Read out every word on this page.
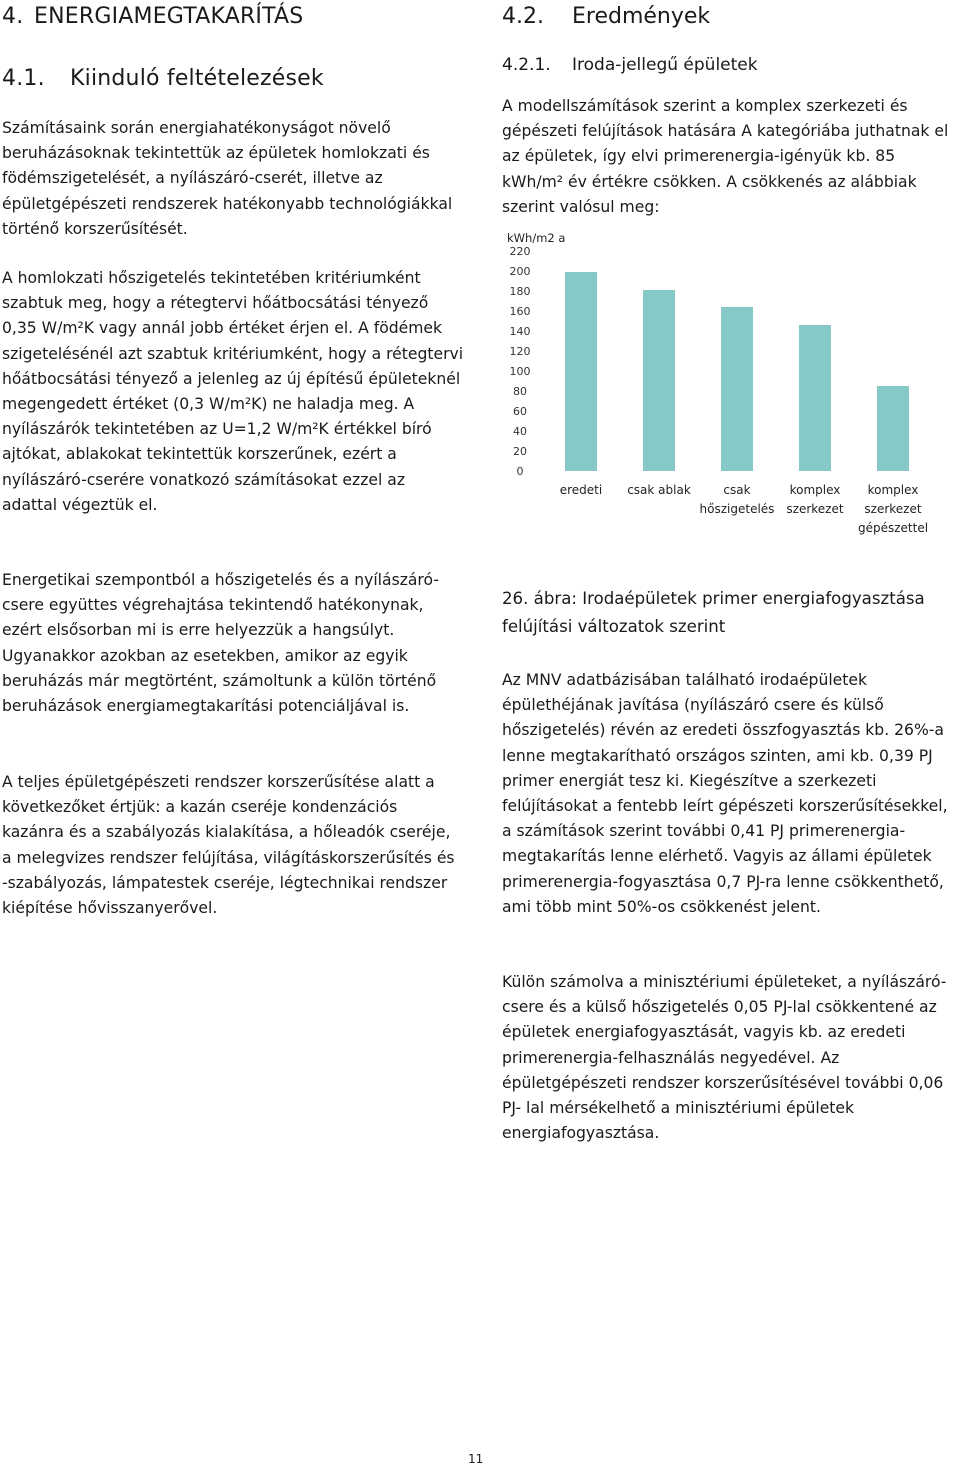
4. ENERGIAMEGTAKARÍTÁS
4.1. Kiinduló feltételezések

Számításaink során energiahatékonyságot növelő beruházásoknak tekintettük az épületek homlokzati és födémszigetelését, a nyílászáró-cserét, illetve az épületgépészeti rendszerek hatékonyabb technológiákkal történő korszerűsítését.

A homlokzati hőszigetelés tekintetében kritériumként szabtuk meg, hogy a rétegtervi hőátbocsátási tényező 0,35 W/m²K vagy annál jobb értéket érjen el. A födémek szigetelésénél azt szabtuk kritériumként, hogy a rétegtervi hőátbocsátási tényező a jelenleg az új építésű épületeknél megengedett értéket (0,3 W/m²K) ne haladja meg. A nyílászárók tekintetében az U=1,2 W/m²K értékkel bíró ajtókat, ablakokat tekintettük korszerűnek, ezért a nyílászáró-cserére vonatkozó számításokat ezzel az adattal végeztük el.

Energetikai szempontból a hőszigetelés és a nyílászáró-csere együttes végrehajtása tekintendő hatékonynak, ezért elsősorban mi is erre helyezzük a hangsúlyt. Ugyanakkor azokban az esetekben, amikor az egyik beruházás már megtörtént, számoltunk a külön történő beruházások energiamegtakarítási potenciáljával is.

A teljes épületgépészeti rendszer korszerűsítése alatt a következőket értjük: a kazán cseréje kondenzációs kazánra és a szabályozás kialakítása, a hőleadók cseréje, a melegvizes rendszer felújítása, világításkorszerűsítés és -szabályozás, lámpatestek cseréje, légtechnikai rendszer kiépítése hővisszanyerővel.

4.2. Eredmények
4.2.1. Iroda-jellegű épületek

A modellszámítások szerint a komplex szerkezeti és gépészeti felújítások hatására A kategóriába juthatnak el az épületek, így elvi primerenergia-igényük kb. 85 kWh/m² év értékre csökken. A csökkenés az alábbiak szerint valósul meg:

26. ábra: Irodaépületek primer energiafogyasztása felújítási változatok szerint

Az MNV adatbázisában található irodaépületek épülethéjának javítása (nyílászáró csere és külső hőszigetelés) révén az eredeti összfogyasztás kb. 26%-a lenne megtakarítható országos szinten, ami kb. 0,39 PJ primer energiát tesz ki. Kiegészítve a szerkezeti felújításokat a fentebb leírt gépészeti korszerűsítésekkel, a számítások szerint további 0,41 PJ primerenergia-megtakarítás lenne elérhető. Vagyis az állami épületek primerenergia-fogyasztása 0,7 PJ-ra lenne csökkenthető, ami több mint 50%-os csökkenést jelent.

Külön számolva a minisztériumi épületeket, a nyílászáró-csere és a külső hőszigetelés 0,05 PJ-lal csökkentené az épületek energiafogyasztását, vagyis kb. az eredeti primerenergia-felhasználás negyedével. Az épületgépészeti rendszer korszerűsítésével további 0,06 PJ- lal mérsékelhető a minisztériumi épületek energiafogyasztása.

kWh/m2 a
220
200
180
160
140
120
100
80
60
40
20
0
eredeti csak ablak	csak
hőszigetelés
komplex
szerkezet
komplex
szerkezet
gépészettel
11
